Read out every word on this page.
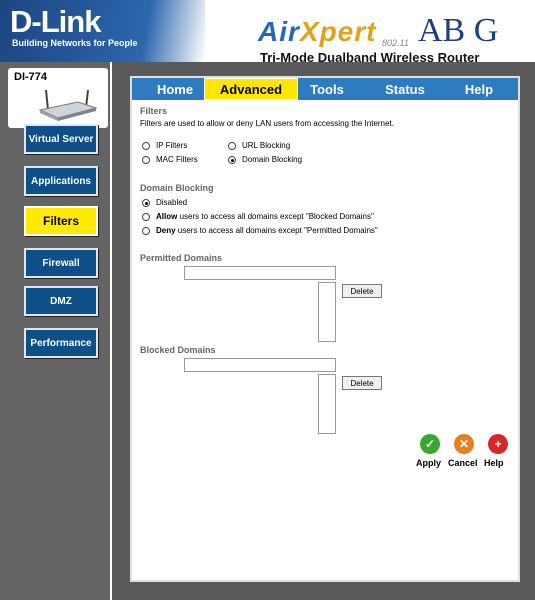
D-Link
Building Networks for People	AirXpert 802.11 AB G
Tri-Mode Dualband Wireless Router
DI-774
Virtual Server
Applications
Filters
Firewall
DMZ
Performance
Home	Advanced	Tools	Status	Help
Filters
Filters are used to allow or deny LAN users from accessing the Internet.
IP Filters	URL Blocking
MAC Filters	Domain Blocking
Domain Blocking
Disabled
Allow users to access all domains except "Blocked Domains"
Deny users to access all domains except "Permitted Domains"
Permitted Domains
Delete
Blocked Domains
Delete
✓
Apply
✕
Cancel
+
Help
